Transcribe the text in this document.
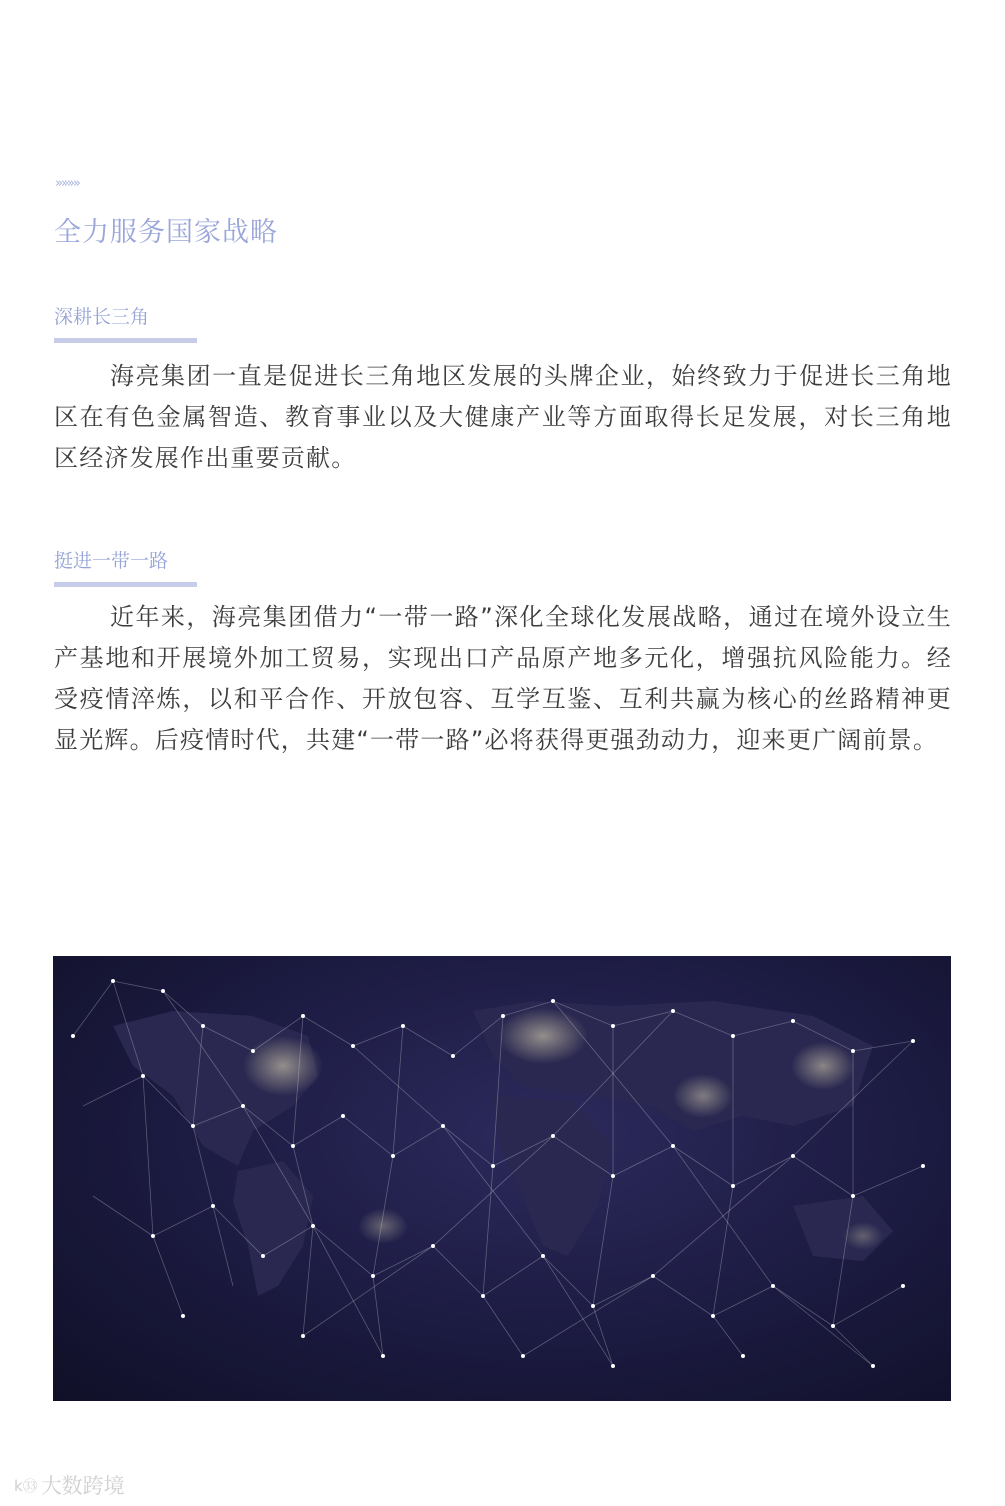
»»»»
全力服务国家战略
深耕长三角

海亮集团一直是促进长三角地区发展的头牌企业，始终致力于促进长三角地区在有色金属智造、教育事业以及大健康产业等方面取得长足发展，对长三角地区经济发展作出重要贡献。

挺进一带一路

近年来，海亮集团借力“一带一路”深化全球化发展战略，通过在境外设立生产基地和开展境外加工贸易，实现出口产品原产地多元化，增强抗风险能力。经受疫情淬炼，以和平合作、开放包容、互学互鉴、互利共赢为核心的丝路精神更显光辉。后疫情时代，共建“一带一路”必将获得更强劲动力，迎来更广阔前景。

k㉝ 大数跨境
